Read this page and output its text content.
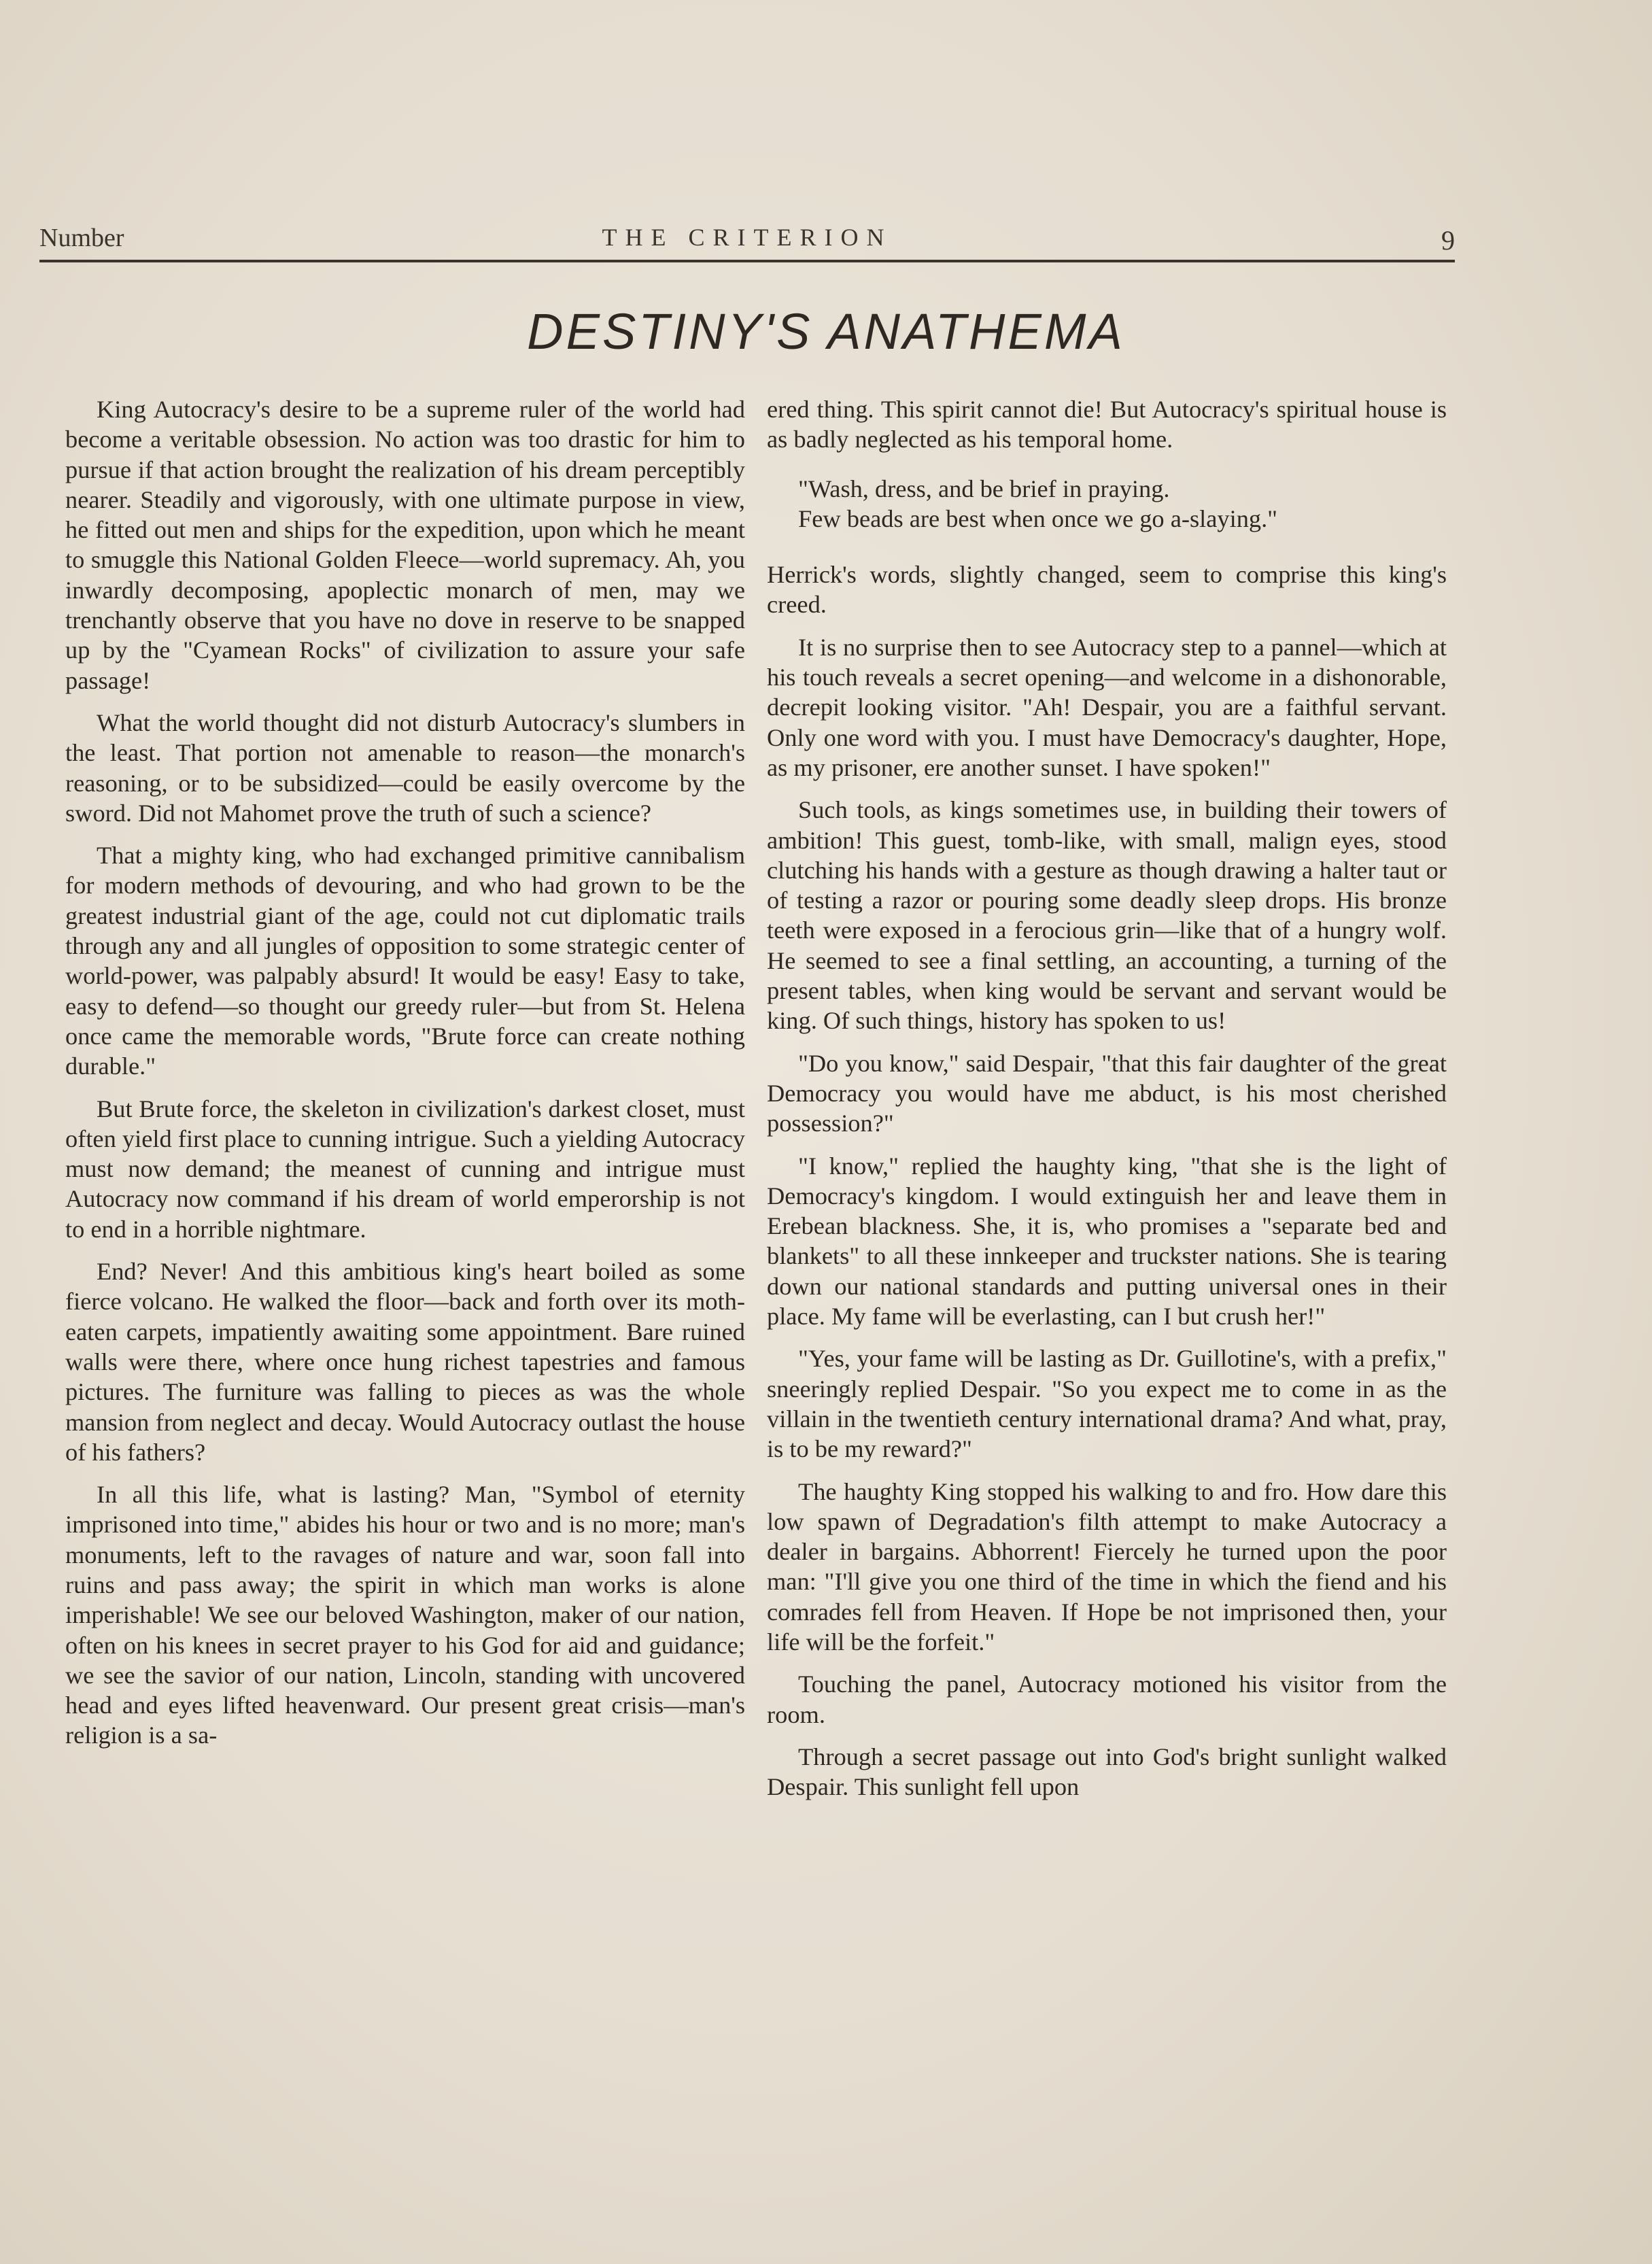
Number	THE CRITERION	9
DESTINY'S ANATHEMA

King Autocracy's desire to be a supreme ruler of the world had become a veritable obsession. No action was too drastic for him to pursue if that action brought the realization of his dream perceptibly nearer. Steadily and vigorously, with one ultimate purpose in view, he fitted out men and ships for the expedition, upon which he meant to smuggle this National Golden Fleece—world supremacy. Ah, you inwardly decomposing, apoplectic monarch of men, may we trenchantly observe that you have no dove in reserve to be snapped up by the "Cyamean Rocks" of civilization to assure your safe passage!

What the world thought did not disturb Autocracy's slumbers in the least. That portion not amenable to reason—the monarch's reasoning, or to be subsidized—could be easily overcome by the sword. Did not Mahomet prove the truth of such a science?

That a mighty king, who had exchanged primitive cannibalism for modern methods of devouring, and who had grown to be the greatest industrial giant of the age, could not cut diplomatic trails through any and all jungles of opposition to some strategic center of world-power, was palpably absurd! It would be easy! Easy to take, easy to defend—so thought our greedy ruler—but from St. Helena once came the memorable words, "Brute force can create nothing durable."

But Brute force, the skeleton in civilization's darkest closet, must often yield first place to cunning intrigue. Such a yielding Autocracy must now demand; the meanest of cunning and intrigue must Autocracy now command if his dream of world emperorship is not to end in a horrible nightmare.

End? Never! And this ambitious king's heart boiled as some fierce volcano. He walked the floor—back and forth over its moth-eaten carpets, impatiently awaiting some appointment. Bare ruined walls were there, where once hung richest tapestries and famous pictures. The furniture was falling to pieces as was the whole mansion from neglect and decay. Would Autocracy outlast the house of his fathers?

In all this life, what is lasting? Man, "Symbol of eternity imprisoned into time," abides his hour or two and is no more; man's monuments, left to the ravages of nature and war, soon fall into ruins and pass away; the spirit in which man works is alone imperishable! We see our beloved Washington, maker of our nation, often on his knees in secret prayer to his God for aid and guidance; we see the savior of our nation, Lincoln, standing with uncovered head and eyes lifted heavenward. Our present great crisis—man's religion is a sa-

ered thing. This spirit cannot die! But Autocracy's spiritual house is as badly neglected as his temporal home.

"Wash, dress, and be brief in praying.
Few beads are best when once we go a-slaying."

Herrick's words, slightly changed, seem to comprise this king's creed.

It is no surprise then to see Autocracy step to a pannel—which at his touch reveals a secret opening—and welcome in a dishonorable, decrepit looking visitor. "Ah! Despair, you are a faithful servant. Only one word with you. I must have Democracy's daughter, Hope, as my prisoner, ere another sunset. I have spoken!"

Such tools, as kings sometimes use, in building their towers of ambition! This guest, tomb-like, with small, malign eyes, stood clutching his hands with a gesture as though drawing a halter taut or of testing a razor or pouring some deadly sleep drops. His bronze teeth were exposed in a ferocious grin—like that of a hungry wolf. He seemed to see a final settling, an accounting, a turning of the present tables, when king would be servant and servant would be king. Of such things, history has spoken to us!

"Do you know," said Despair, "that this fair daughter of the great Democracy you would have me abduct, is his most cherished possession?"

"I know," replied the haughty king, "that she is the light of Democracy's kingdom. I would extinguish her and leave them in Erebean blackness. She, it is, who promises a "separate bed and blankets" to all these innkeeper and truckster nations. She is tearing down our national standards and putting universal ones in their place. My fame will be everlasting, can I but crush her!"

"Yes, your fame will be lasting as Dr. Guillotine's, with a prefix," sneeringly replied Despair. "So you expect me to come in as the villain in the twentieth century international drama? And what, pray, is to be my reward?"

The haughty King stopped his walking to and fro. How dare this low spawn of Degradation's filth attempt to make Autocracy a dealer in bargains. Abhorrent! Fiercely he turned upon the poor man: "I'll give you one third of the time in which the fiend and his comrades fell from Heaven. If Hope be not imprisoned then, your life will be the forfeit."

Touching the panel, Autocracy motioned his visitor from the room.

Through a secret passage out into God's bright sunlight walked Despair. This sunlight fell upon
